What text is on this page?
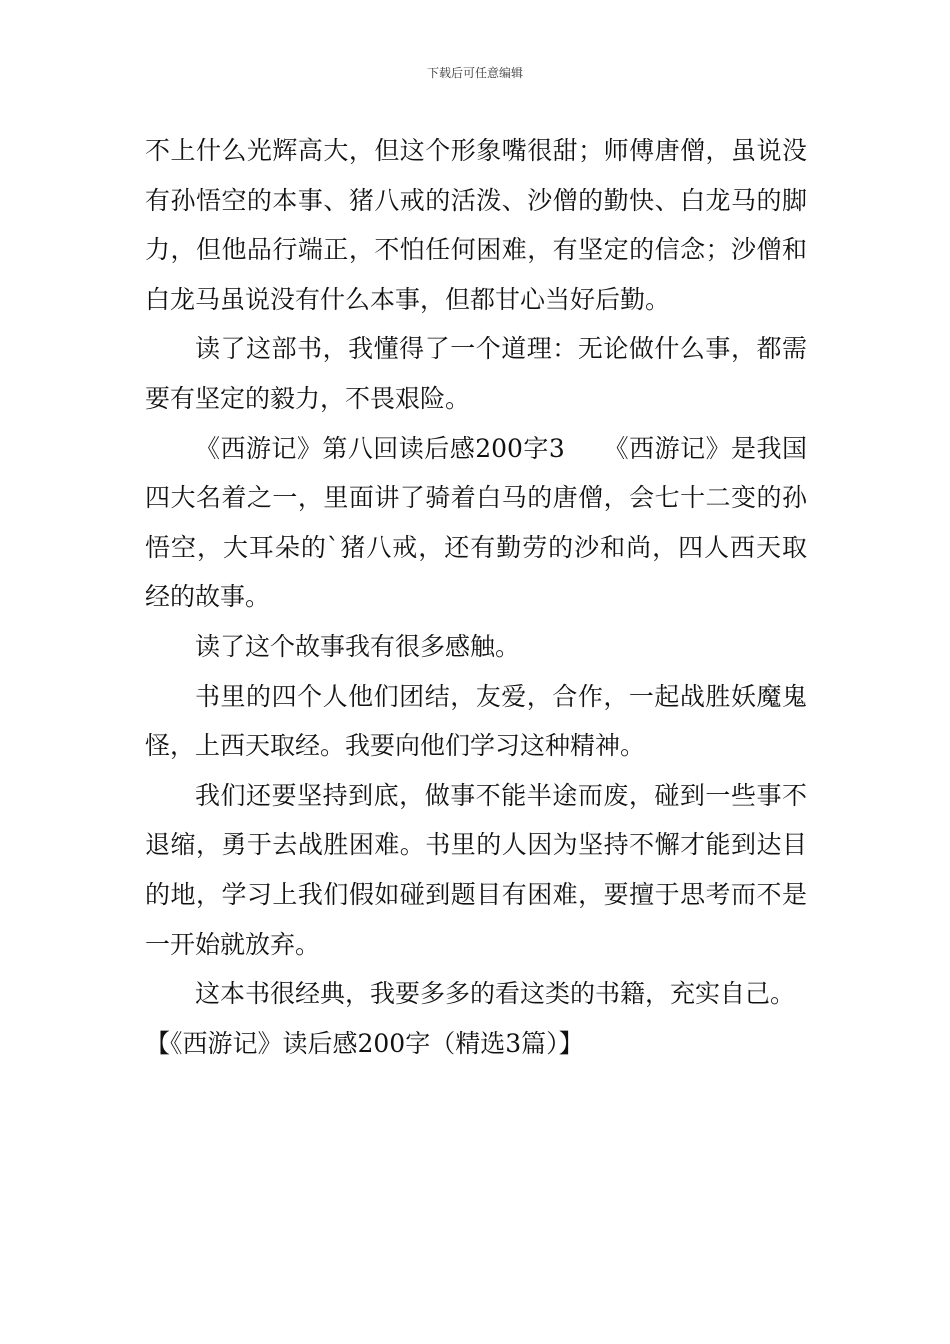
下载后可任意编辑

不上什么光辉高大，但这个形象嘴很甜；师傅唐僧，虽说没有孙悟空的本事、猪八戒的活泼、沙僧的勤快、白龙马的脚力，但他品行端正，不怕任何困难，有坚定的信念；沙僧和白龙马虽说没有什么本事，但都甘心当好后勤。

读了这部书，我懂得了一个道理：无论做什么事，都需要有坚定的毅力，不畏艰险。

《西游记》第八回读后感200字3　　《西游记》是我国四大名着之一，里面讲了骑着白马的唐僧，会七十二变的孙悟空，大耳朵的`猪八戒，还有勤劳的沙和尚，四人西天取经的故事。

读了这个故事我有很多感触。

书里的四个人他们团结，友爱，合作，一起战胜妖魔鬼怪，上西天取经。我要向他们学习这种精神。

我们还要坚持到底，做事不能半途而废，碰到一些事不退缩，勇于去战胜困难。书里的人因为坚持不懈才能到达目的地，学习上我们假如碰到题目有困难，要擅于思考而不是一开始就放弃。

这本书很经典，我要多多的看这类的书籍，充实自己。

【《西游记》读后感200字（精选3篇）】
